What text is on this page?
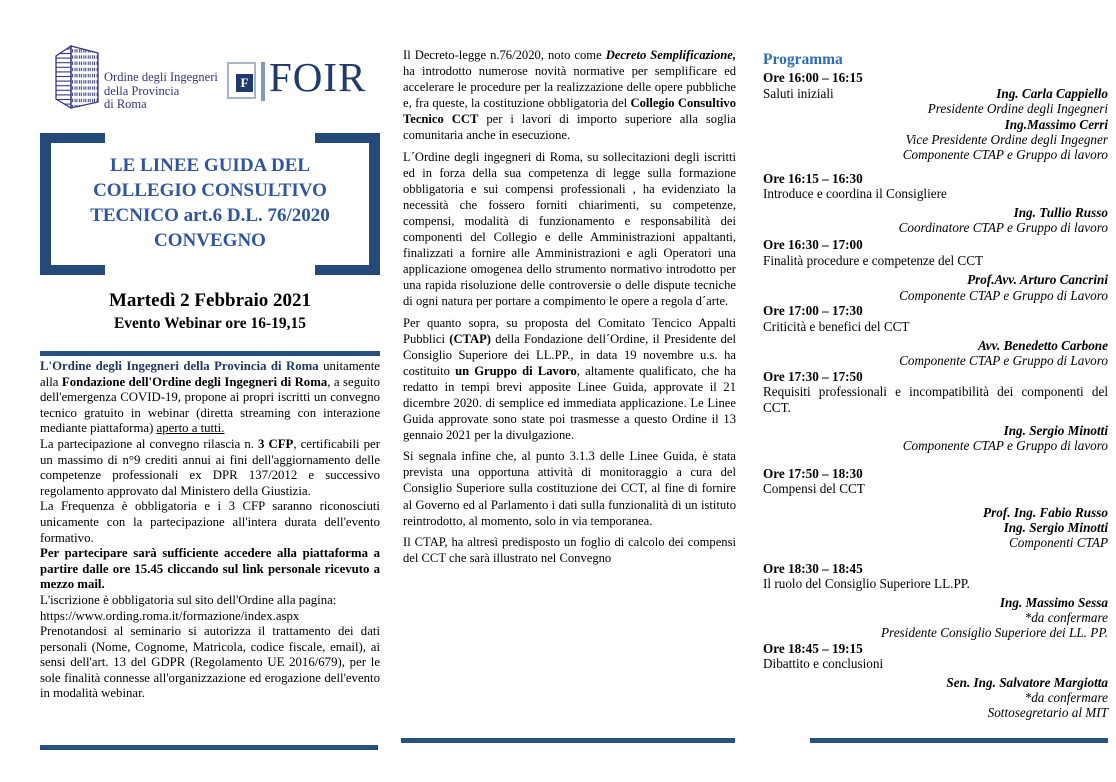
Ordine degli Ingegneri
della Provincia
di Roma
F FOIR
LE LINEE GUIDA DEL
COLLEGIO CONSULTIVO
TECNICO art.6 D.L. 76/2020
CONVEGNO
Martedì 2 Febbraio 2021
Evento Webinar ore 16-19,15

L'Ordine degli Ingegneri della Provincia di Roma unitamente alla Fondazione dell'Ordine degli Ingegneri di Roma, a seguito dell'emergenza COVID-19, propone ai propri iscritti un convegno tecnico gratuito in webinar (diretta streaming con interazione mediante piattaforma) aperto a tutti.

La partecipazione al convegno rilascia n. 3 CFP, certificabili per un massimo di n°9 crediti annui ai fini dell'aggiornamento delle competenze professionali ex DPR 137/2012 e successivo regolamento approvato dal Ministero della Giustizia.

La Frequenza è obbligatoria e i 3 CFP saranno riconosciuti unicamente con la partecipazione all'intera durata dell'evento formativo.

Per partecipare sarà sufficiente accedere alla piattaforma a partire dalle ore 15.45 cliccando sul link personale ricevuto a mezzo mail.

L'iscrizione è obbligatoria sul sito dell'Ordine alla pagina:

https://www.ording.roma.it/formazione/index.aspx

Prenotandosi al seminario si autorizza il trattamento dei dati personali (Nome, Cognome, Matricola, codice fiscale, email), ai sensi dell'art. 13 del GDPR (Regolamento UE 2016/679), per le sole finalità connesse all'organizzazione ed erogazione dell'evento in modalità webinar.

Il Decreto-legge n.76/2020, noto come Decreto Semplificazione, ha introdotto numerose novità normative per semplificare ed accelerare le procedure per la realizzazione delle opere pubbliche e, fra queste, la costituzione obbligatoria del Collegio Consultivo Tecnico CCT per i lavori di importo superiore alla soglia comunitaria anche in esecuzione.

L´Ordine degli ingegneri di Roma, su sollecitazioni degli iscritti ed in forza della sua competenza di legge sulla formazione obbligatoria e sui compensi professionali , ha evidenziato la necessità che fossero forniti chiarimenti, su competenze, compensi, modalità di funzionamento e responsabilità dei componenti del Collegio e delle Amministrazioni appaltanti, finalizzati a fornire alle Amministrazioni e agli Operatori una applicazione omogenea dello strumento normativo introdotto per una rapida risoluzione delle controversie o delle dispute tecniche di ogni natura per portare a compimento le opere a regola d´arte.

Per quanto sopra, su proposta del Comitato Tencico Appalti Pubblici (CTAP) della Fondazione dell´Ordine, il Presidente del Consiglio Superiore dei LL.PP., in data 19 novembre u.s. ha costituito un Gruppo di Lavoro, altamente qualificato, che ha redatto in tempi brevi apposite Linee Guida, approvate il 21 dicembre 2020. di semplice ed immediata applicazione. Le Linee Guida approvate sono state poi trasmesse a questo Ordine il 13 gennaio 2021 per la divulgazione.

Si segnala infine che, al punto 3.1.3 delle Linee Guida, è stata prevista una opportuna attività di monitoraggio a cura del Consiglio Superiore sulla costituzione dei CCT, al fine di fornire al Governo ed al Parlamento i dati sulla funzionalità di un istituto reintrodotto, al momento, solo in via temporanea.

Il CTAP, ha altresì predisposto un foglio di calcolo dei compensi del CCT che sarà illustrato nel Convegno

Programma
Ore 16:00 – 16:15
Saluti iniziali	Ing. Carla Cappiello
Presidente Ordine degli Ingegneri
Ing.Massimo Cerri
Vice Presidente Ordine degli Ingegner
Componente CTAP e Gruppo di lavoro
Ore 16:15 – 16:30
Introduce e coordina il Consigliere
Ing. Tullio Russo
Coordinatore CTAP e Gruppo di lavoro
Ore 16:30 – 17:00
Finalità procedure e competenze del CCT
Prof.Avv. Arturo Cancrini
Componente CTAP e Gruppo di Lavoro
Ore 17:00 – 17:30
Criticità e benefici del CCT
Avv. Benedetto Carbone
Componente CTAP e Gruppo di Lavoro
Ore 17:30 – 17:50
Requisiti professionali e incompatibilità dei componenti del CCT.
Ing. Sergio Minotti
Componente CTAP e Gruppo di lavoro
Ore 17:50 – 18:30
Compensi del CCT
Prof. Ing. Fabio Russo
Ing. Sergio Minotti
Componenti CTAP
Ore 18:30 – 18:45
Il ruolo del Consiglio Superiore LL.PP.
Ing. Massimo Sessa
*da confermare
Presidente Consiglio Superiore dei LL. PP.
Ore 18:45 – 19:15
Dibattito e conclusioni
Sen. Ing. Salvatore Margiotta
*da confermare
Sottosegretario al MIT
